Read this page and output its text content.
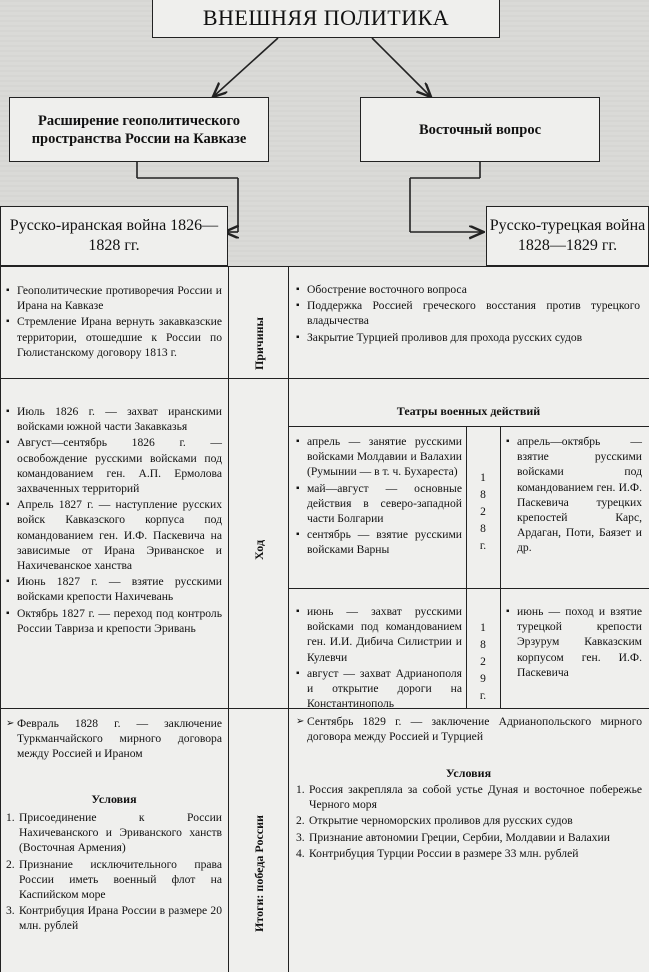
ВНЕШНЯЯ ПОЛИТИКА
Расширение геополитического пространства России на Кавказе
Восточный вопрос
Русско-иранская война 1826—1828 гг.
Русско-турецкая война 1828—1829 гг.
Причины
Ход
Итоги: победа России
▪ Геополитические противоречия России и Ирана на Кавказе
▪ Стремление Ирана вернуть закавказские территории, отошедшие к России по Гюлистанскому договору 1813 г.
▪ Обострение восточного вопроса
▪ Поддержка Россией греческого восстания против турецкого владычества
▪ Закрытие Турцией проливов для прохода русских судов
▪ Июль 1826 г. — захват иранскими войсками южной части Закавказья
▪ Август—сентябрь 1826 г. — освобождение русскими войсками под командованием ген. А.П. Ермолова захваченных территорий
▪ Апрель 1827 г. — наступление русских войск Кавказского корпуса под командованием ген. И.Ф. Паскевича на зависимые от Ирана Эриванское и Нахичеванское ханства
▪ Июнь 1827 г. — взятие русскими войсками крепости Нахичевань
▪ Октябрь 1827 г. — переход под контроль России Тавриза и крепости Эривань
Театры военных действий
▪ апрель — занятие русскими войсками Молдавии и Валахии (Румынии — в т. ч. Бухареста)
▪ май—август — основные действия в северо-западной части Болгарии
▪ сентябрь — взятие русскими войсками Варны
1
8
2
8
г.
▪ апрель—октябрь — взятие русскими войсками под командованием ген. И.Ф. Паскевича турецких крепостей Карс, Ардаган, Поти, Баязет и др.
▪ июнь — захват русскими войсками под командованием ген. И.И. Дибича Силистрии и Кулевчи
▪ август — захват Адрианополя и открытие дороги на Константинополь
1
8
2
9
г.
▪ июнь — поход и взятие турецкой крепости Эрзурум Кавказским корпусом ген. И.Ф. Паскевича
➢ Февраль 1828 г. — заключение Туркманчайского мирного договора между Россией и Ираном
Условия
1. Присоединение к России Нахичеванского и Эриванского ханств (Восточная Армения)
2. Признание исключительного права России иметь военный флот на Каспийском море
3. Контрибуция Ирана России в размере 20 млн. рублей
➢ Сентябрь 1829 г. — заключение Адрианопольского мирного договора между Россией и Турцией
Условия
1. Россия закрепляла за собой устье Дуная и восточное побережье Черного моря
2. Открытие черноморских проливов для русских судов
3. Признание автономии Греции, Сербии, Молдавии и Валахии
4. Контрибуция Турции России в размере 33 млн. рублей
